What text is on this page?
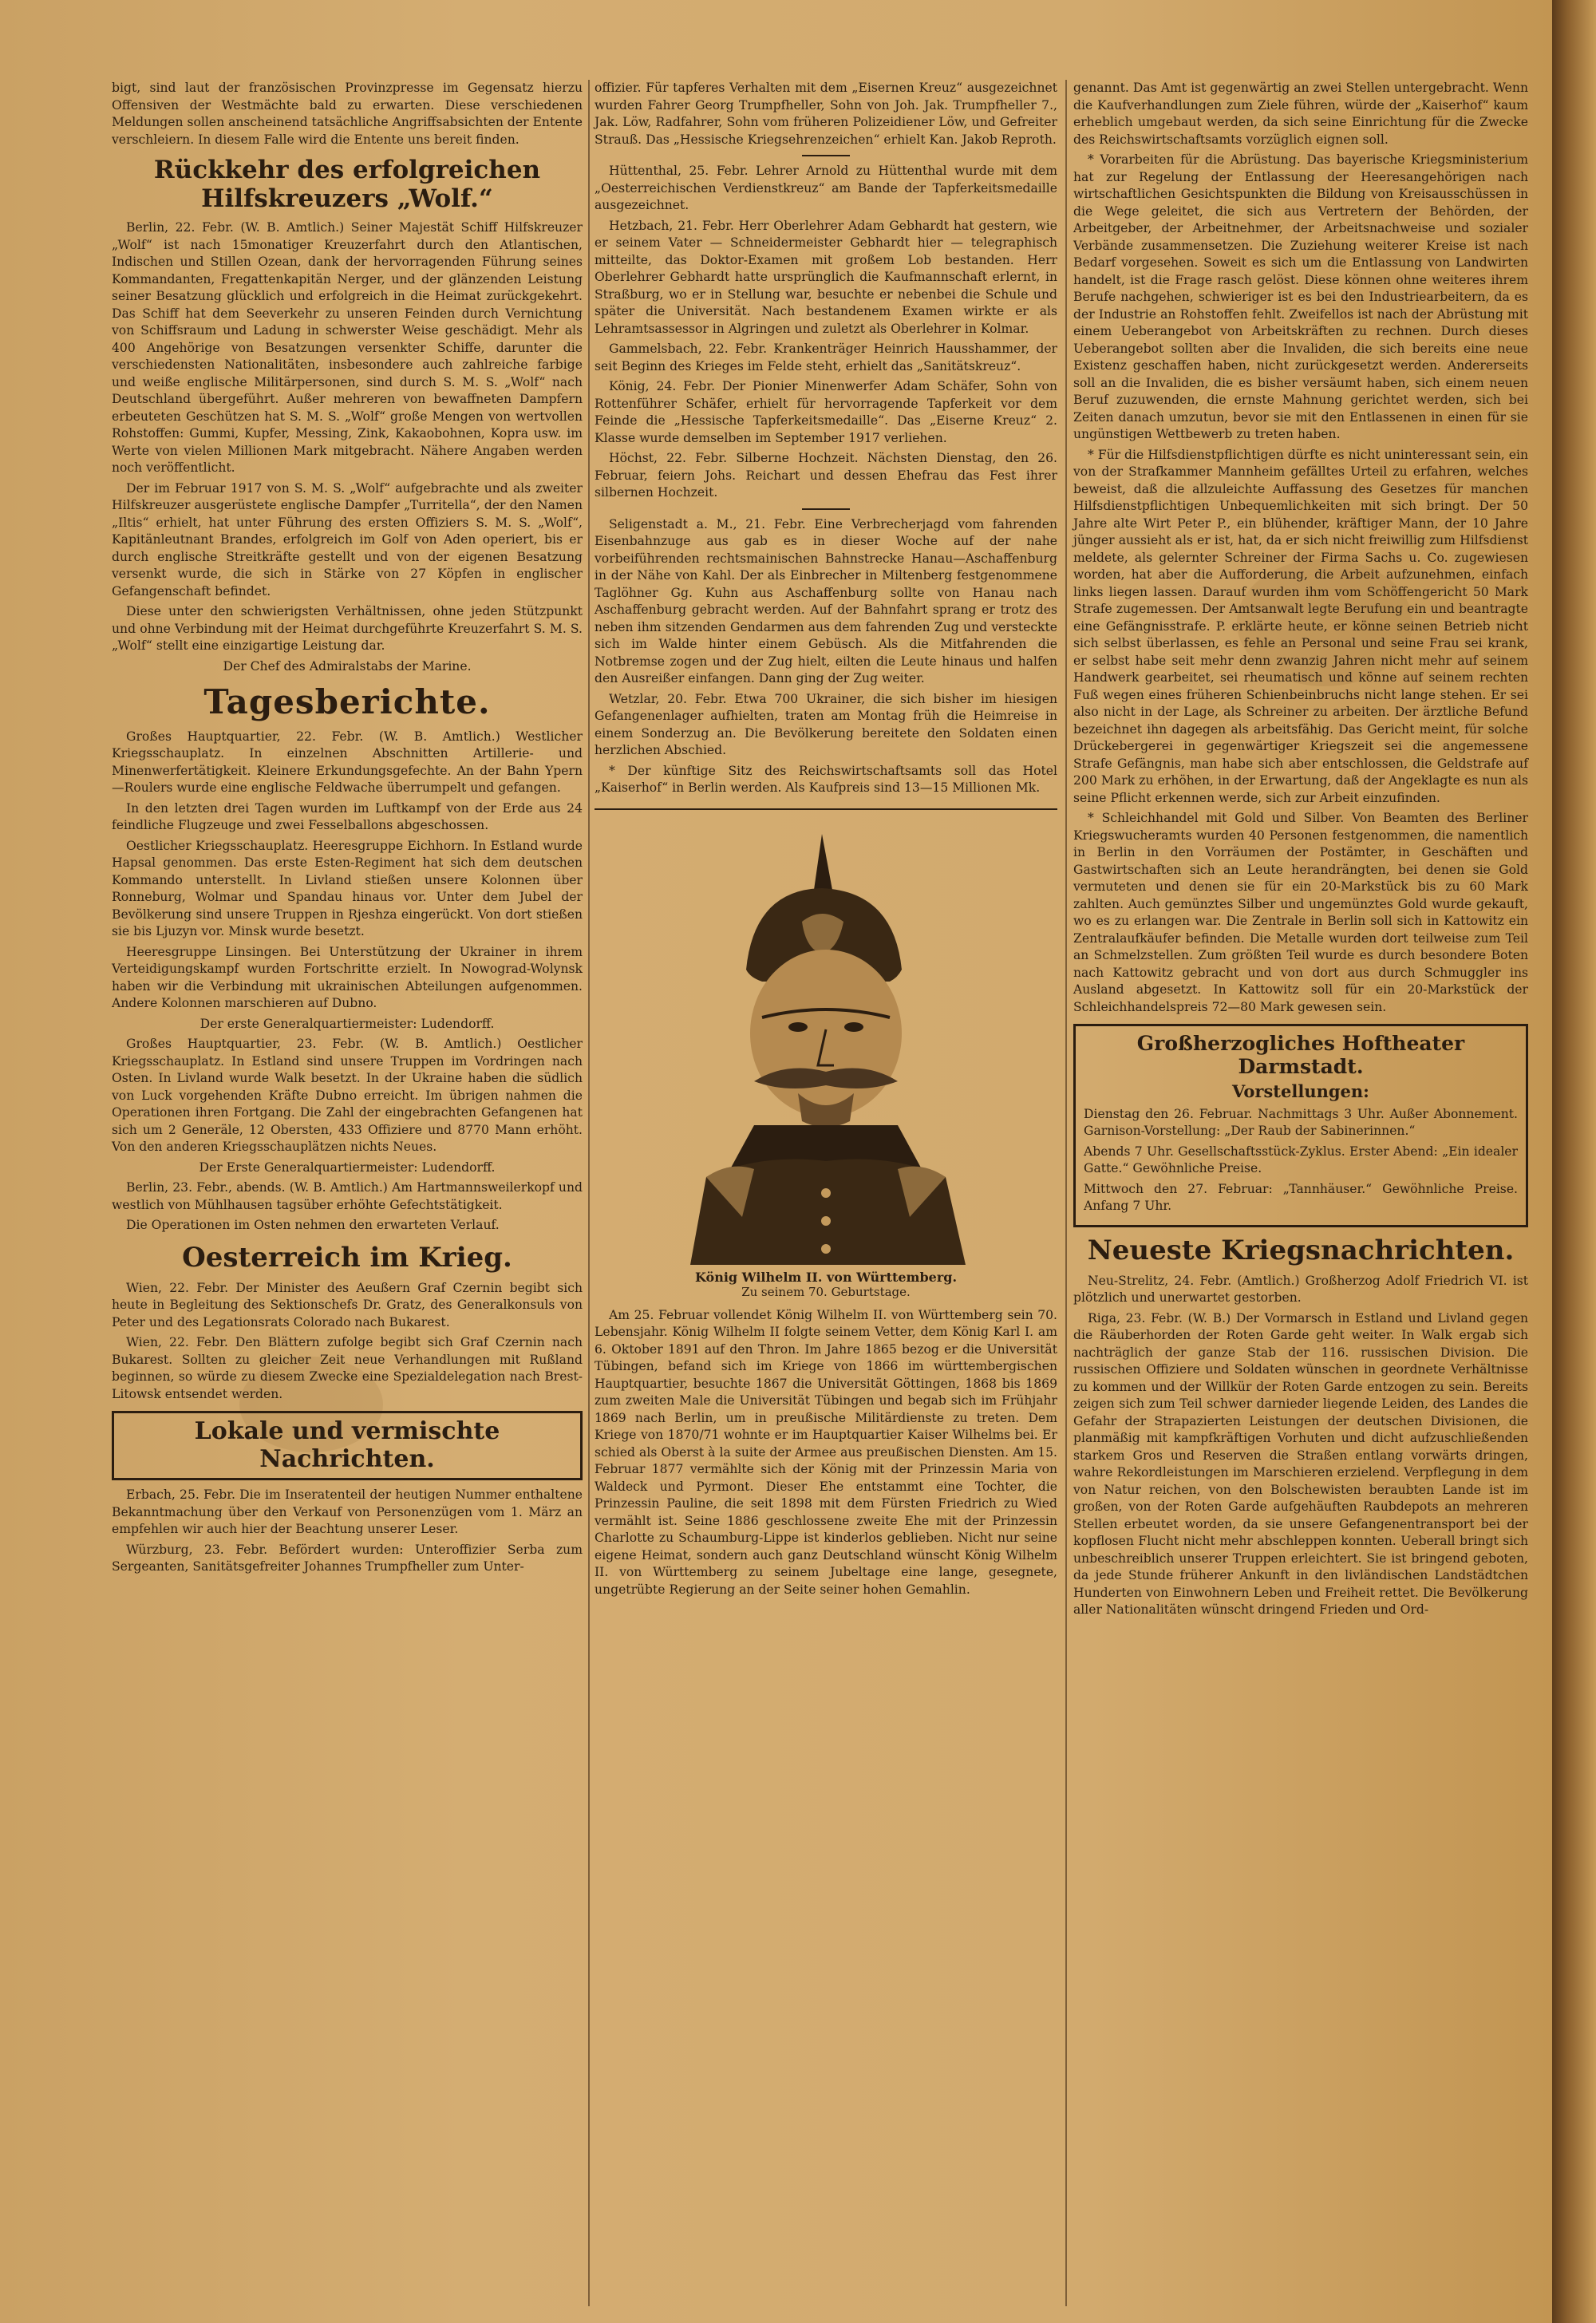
bigt, sind laut der französischen Provinzpresse im Gegensatz hierzu Offensiven der Westmächte bald zu erwarten. Diese verschiedenen Meldungen sollen anscheinend tatsächliche Angriffsabsichten der Entente verschleiern. In diesem Falle wird die Entente uns bereit finden.

Rückkehr des erfolgreichen Hilfskreuzers „Wolf.“

Berlin, 22. Febr. (W. B. Amtlich.) Seiner Majestät Schiff Hilfskreuzer „Wolf“ ist nach 15monatiger Kreuzerfahrt durch den Atlantischen, Indischen und Stillen Ozean, dank der hervorragenden Führung seines Kommandanten, Fregattenkapitän Nerger, und der glänzenden Leistung seiner Besatzung glücklich und erfolgreich in die Heimat zurückgekehrt. Das Schiff hat dem Seeverkehr zu unseren Feinden durch Vernichtung von Schiffsraum und Ladung in schwerster Weise geschädigt. Mehr als 400 Angehörige von Besatzungen versenkter Schiffe, darunter die verschiedensten Nationalitäten, insbesondere auch zahlreiche farbige und weiße englische Militärpersonen, sind durch S. M. S. „Wolf“ nach Deutschland übergeführt. Außer mehreren von bewaffneten Dampfern erbeuteten Geschützen hat S. M. S. „Wolf“ große Mengen von wertvollen Rohstoffen: Gummi, Kupfer, Messing, Zink, Kakaobohnen, Kopra usw. im Werte von vielen Millionen Mark mitgebracht. Nähere Angaben werden noch veröffentlicht.

Der im Februar 1917 von S. M. S. „Wolf“ aufgebrachte und als zweiter Hilfskreuzer ausgerüstete englische Dampfer „Turritella“, der den Namen „Iltis“ erhielt, hat unter Führung des ersten Offiziers S. M. S. „Wolf“, Kapitänleutnant Brandes, erfolgreich im Golf von Aden operiert, bis er durch englische Streitkräfte gestellt und von der eigenen Besatzung versenkt wurde, die sich in Stärke von 27 Köpfen in englischer Gefangenschaft befindet.

Diese unter den schwierigsten Verhältnissen, ohne jeden Stützpunkt und ohne Verbindung mit der Heimat durchgeführte Kreuzerfahrt S. M. S. „Wolf“ stellt eine einzigartige Leistung dar.

Der Chef des Admiralstabs der Marine.

Tagesberichte.

Großes Hauptquartier, 22. Febr. (W. B. Amtlich.) Westlicher Kriegsschauplatz. In einzelnen Abschnitten Artillerie- und Minenwerfertätigkeit. Kleinere Erkundungsgefechte. An der Bahn Ypern—Roulers wurde eine englische Feldwache überrumpelt und gefangen.

In den letzten drei Tagen wurden im Luftkampf von der Erde aus 24 feindliche Flugzeuge und zwei Fesselballons abgeschossen.

Oestlicher Kriegsschauplatz. Heeresgruppe Eichhorn. In Estland wurde Hapsal genommen. Das erste Esten-Regiment hat sich dem deutschen Kommando unterstellt. In Livland stießen unsere Kolonnen über Ronneburg, Wolmar und Spandau hinaus vor. Unter dem Jubel der Bevölkerung sind unsere Truppen in Rjeshza eingerückt. Von dort stießen sie bis Ljuzyn vor. Minsk wurde besetzt.

Heeresgruppe Linsingen. Bei Unterstützung der Ukrainer in ihrem Verteidigungskampf wurden Fortschritte erzielt. In Nowograd-Wolynsk haben wir die Verbindung mit ukrainischen Abteilungen aufgenommen. Andere Kolonnen marschieren auf Dubno.

Der erste Generalquartiermeister: Ludendorff.

Großes Hauptquartier, 23. Febr. (W. B. Amtlich.) Oestlicher Kriegsschauplatz. In Estland sind unsere Truppen im Vordringen nach Osten. In Livland wurde Walk besetzt. In der Ukraine haben die südlich von Luck vorgehenden Kräfte Dubno erreicht. Im übrigen nahmen die Operationen ihren Fortgang. Die Zahl der eingebrachten Gefangenen hat sich um 2 Generäle, 12 Obersten, 433 Offiziere und 8770 Mann erhöht. Von den anderen Kriegsschauplätzen nichts Neues.

Der Erste Generalquartiermeister: Ludendorff.

Berlin, 23. Febr., abends. (W. B. Amtlich.) Am Hartmannsweilerkopf und westlich von Mühlhausen tagsüber erhöhte Gefechtstätigkeit.

Die Operationen im Osten nehmen den erwarteten Verlauf.

Oesterreich im Krieg.

Wien, 22. Febr. Der Minister des Aeußern Graf Czernin begibt sich heute in Begleitung des Sektionschefs Dr. Gratz, des Generalkonsuls von Peter und des Legationsrats Colorado nach Bukarest.

Wien, 22. Febr. Den Blättern zufolge begibt sich Graf Czernin nach Bukarest. Sollten zu gleicher Zeit neue Verhandlungen mit Rußland beginnen, so würde zu diesem Zwecke eine Spezialdelegation nach Brest-Litowsk entsendet werden.

Lokale und vermischte Nachrichten.

Erbach, 25. Febr. Die im Inseratenteil der heutigen Nummer enthaltene Bekanntmachung über den Verkauf von Personenzügen vom 1. März an empfehlen wir auch hier der Beachtung unserer Leser.

Würzburg, 23. Febr. Befördert wurden: Unteroffizier Serba zum Sergeanten, Sanitätsgefreiter Johannes Trumpfheller zum Unter-

offizier. Für tapferes Verhalten mit dem „Eisernen Kreuz“ ausgezeichnet wurden Fahrer Georg Trumpfheller, Sohn von Joh. Jak. Trumpfheller 7., Jak. Löw, Radfahrer, Sohn vom früheren Polizeidiener Löw, und Gefreiter Strauß. Das „Hessische Kriegsehrenzeichen“ erhielt Kan. Jakob Reproth.

Hüttenthal, 25. Febr. Lehrer Arnold zu Hüttenthal wurde mit dem „Oesterreichischen Verdienstkreuz“ am Bande der Tapferkeitsmedaille ausgezeichnet.

Hetzbach, 21. Febr. Herr Oberlehrer Adam Gebhardt hat gestern, wie er seinem Vater — Schneidermeister Gebhardt hier — telegraphisch mitteilte, das Doktor-Examen mit großem Lob bestanden. Herr Oberlehrer Gebhardt hatte ursprünglich die Kaufmannschaft erlernt, in Straßburg, wo er in Stellung war, besuchte er nebenbei die Schule und später die Universität. Nach bestandenem Examen wirkte er als Lehramtsassessor in Algringen und zuletzt als Oberlehrer in Kolmar.

Gammelsbach, 22. Febr. Krankenträger Heinrich Hausshammer, der seit Beginn des Krieges im Felde steht, erhielt das „Sanitätskreuz“.

König, 24. Febr. Der Pionier Minenwerfer Adam Schäfer, Sohn von Rottenführer Schäfer, erhielt für hervorragende Tapferkeit vor dem Feinde die „Hessische Tapferkeitsmedaille“. Das „Eiserne Kreuz“ 2. Klasse wurde demselben im September 1917 verliehen.

Höchst, 22. Febr. Silberne Hochzeit. Nächsten Dienstag, den 26. Februar, feiern Johs. Reichart und dessen Ehefrau das Fest ihrer silbernen Hochzeit.

Seligenstadt a. M., 21. Febr. Eine Verbrecherjagd vom fahrenden Eisenbahnzuge aus gab es in dieser Woche auf der nahe vorbeiführenden rechtsmainischen Bahnstrecke Hanau—Aschaffenburg in der Nähe von Kahl. Der als Einbrecher in Miltenberg festgenommene Taglöhner Gg. Kuhn aus Aschaffenburg sollte von Hanau nach Aschaffenburg gebracht werden. Auf der Bahnfahrt sprang er trotz des neben ihm sitzenden Gendarmen aus dem fahrenden Zug und versteckte sich im Walde hinter einem Gebüsch. Als die Mitfahrenden die Notbremse zogen und der Zug hielt, eilten die Leute hinaus und halfen den Ausreißer einfangen. Dann ging der Zug weiter.

Wetzlar, 20. Febr. Etwa 700 Ukrainer, die sich bisher im hiesigen Gefangenenlager aufhielten, traten am Montag früh die Heimreise in einem Sonderzug an. Die Bevölkerung bereitete den Soldaten einen herzlichen Abschied.

* Der künftige Sitz des Reichswirtschaftsamts soll das Hotel „Kaiserhof“ in Berlin werden. Als Kaufpreis sind 13—15 Millionen Mk.

König Wilhelm II. von Württemberg.
Zu seinem 70. Geburtstage.

Am 25. Februar vollendet König Wilhelm II. von Württemberg sein 70. Lebensjahr. König Wilhelm II folgte seinem Vetter, dem König Karl I. am 6. Oktober 1891 auf den Thron. Im Jahre 1865 bezog er die Universität Tübingen, befand sich im Kriege von 1866 im württembergischen Hauptquartier, besuchte 1867 die Universität Göttingen, 1868 bis 1869 zum zweiten Male die Universität Tübingen und begab sich im Frühjahr 1869 nach Berlin, um in preußische Militärdienste zu treten. Dem Kriege von 1870/71 wohnte er im Hauptquartier Kaiser Wilhelms bei. Er schied als Oberst à la suite der Armee aus preußischen Diensten. Am 15. Februar 1877 vermählte sich der König mit der Prinzessin Maria von Waldeck und Pyrmont. Dieser Ehe entstammt eine Tochter, die Prinzessin Pauline, die seit 1898 mit dem Fürsten Friedrich zu Wied vermählt ist. Seine 1886 geschlossene zweite Ehe mit der Prinzessin Charlotte zu Schaumburg-Lippe ist kinderlos geblieben. Nicht nur seine eigene Heimat, sondern auch ganz Deutschland wünscht König Wilhelm II. von Württemberg zu seinem Jubeltage eine lange, gesegnete, ungetrübte Regierung an der Seite seiner hohen Gemahlin.

genannt. Das Amt ist gegenwärtig an zwei Stellen untergebracht. Wenn die Kaufverhandlungen zum Ziele führen, würde der „Kaiserhof“ kaum erheblich umgebaut werden, da sich seine Einrichtung für die Zwecke des Reichswirtschaftsamts vorzüglich eignen soll.

* Vorarbeiten für die Abrüstung. Das bayerische Kriegsministerium hat zur Regelung der Entlassung der Heeresangehörigen nach wirtschaftlichen Gesichtspunkten die Bildung von Kreisausschüssen in die Wege geleitet, die sich aus Vertretern der Behörden, der Arbeitgeber, der Arbeitnehmer, der Arbeitsnachweise und sozialer Verbände zusammensetzen. Die Zuziehung weiterer Kreise ist nach Bedarf vorgesehen. Soweit es sich um die Entlassung von Landwirten handelt, ist die Frage rasch gelöst. Diese können ohne weiteres ihrem Berufe nachgehen, schwieriger ist es bei den Industriearbeitern, da es der Industrie an Rohstoffen fehlt. Zweifellos ist nach der Abrüstung mit einem Ueberangebot von Arbeitskräften zu rechnen. Durch dieses Ueberangebot sollten aber die Invaliden, die sich bereits eine neue Existenz geschaffen haben, nicht zurückgesetzt werden. Andererseits soll an die Invaliden, die es bisher versäumt haben, sich einem neuen Beruf zuzuwenden, die ernste Mahnung gerichtet werden, sich bei Zeiten danach umzutun, bevor sie mit den Entlassenen in einen für sie ungünstigen Wettbewerb zu treten haben.

* Für die Hilfsdienstpflichtigen dürfte es nicht uninteressant sein, ein von der Strafkammer Mannheim gefälltes Urteil zu erfahren, welches beweist, daß die allzuleichte Auffassung des Gesetzes für manchen Hilfsdienstpflichtigen Unbequemlichkeiten mit sich bringt. Der 50 Jahre alte Wirt Peter P., ein blühender, kräftiger Mann, der 10 Jahre jünger aussieht als er ist, hat, da er sich nicht freiwillig zum Hilfsdienst meldete, als gelernter Schreiner der Firma Sachs u. Co. zugewiesen worden, hat aber die Aufforderung, die Arbeit aufzunehmen, einfach links liegen lassen. Darauf wurden ihm vom Schöffengericht 50 Mark Strafe zugemessen. Der Amtsanwalt legte Berufung ein und beantragte eine Gefängnisstrafe. P. erklärte heute, er könne seinen Betrieb nicht sich selbst überlassen, es fehle an Personal und seine Frau sei krank, er selbst habe seit mehr denn zwanzig Jahren nicht mehr auf seinem Handwerk gearbeitet, sei rheumatisch und könne auf seinem rechten Fuß wegen eines früheren Schienbeinbruchs nicht lange stehen. Er sei also nicht in der Lage, als Schreiner zu arbeiten. Der ärztliche Befund bezeichnet ihn dagegen als arbeitsfähig. Das Gericht meint, für solche Drückebergerei in gegenwärtiger Kriegszeit sei die angemessene Strafe Gefängnis, man habe sich aber entschlossen, die Geldstrafe auf 200 Mark zu erhöhen, in der Erwartung, daß der Angeklagte es nun als seine Pflicht erkennen werde, sich zur Arbeit einzufinden.

* Schleichhandel mit Gold und Silber. Von Beamten des Berliner Kriegswucheramts wurden 40 Personen festgenommen, die namentlich in Berlin in den Vorräumen der Postämter, in Geschäften und Gastwirtschaften sich an Leute herandrängten, bei denen sie Gold vermuteten und denen sie für ein 20-Markstück bis zu 60 Mark zahlten. Auch gemünztes Silber und ungemünztes Gold wurde gekauft, wo es zu erlangen war. Die Zentrale in Berlin soll sich in Kattowitz ein Zentralaufkäufer befinden. Die Metalle wurden dort teilweise zum Teil an Schmelzstellen. Zum größten Teil wurde es durch besondere Boten nach Kattowitz gebracht und von dort aus durch Schmuggler ins Ausland abgesetzt. In Kattowitz soll für ein 20-Markstück der Schleichhandelspreis 72—80 Mark gewesen sein.

Großherzogliches Hoftheater Darmstadt.
Vorstellungen:

Dienstag den 26. Februar. Nachmittags 3 Uhr. Außer Abonnement. Garnison-Vorstellung: „Der Raub der Sabinerinnen.“

Abends 7 Uhr. Gesellschaftsstück-Zyklus. Erster Abend: „Ein idealer Gatte.“ Gewöhnliche Preise.

Mittwoch den 27. Februar: „Tannhäuser.“ Gewöhnliche Preise. Anfang 7 Uhr.

Neueste Kriegsnachrichten.

Neu-Strelitz, 24. Febr. (Amtlich.) Großherzog Adolf Friedrich VI. ist plötzlich und unerwartet gestorben.

Riga, 23. Febr. (W. B.) Der Vormarsch in Estland und Livland gegen die Räuberhorden der Roten Garde geht weiter. In Walk ergab sich nachträglich der ganze Stab der 116. russischen Division. Die russischen Offiziere und Soldaten wünschen in geordnete Verhältnisse zu kommen und der Willkür der Roten Garde entzogen zu sein. Bereits zeigen sich zum Teil schwer darnieder liegende Leiden, des Landes die Gefahr der Strapazierten Leistungen der deutschen Divisionen, die planmäßig mit kampfkräftigen Vorhuten und dicht aufzuschließenden starkem Gros und Reserven die Straßen entlang vorwärts dringen, wahre Rekordleistungen im Marschieren erzielend. Verpflegung in dem von Natur reichen, von den Bolschewisten beraubten Lande ist im großen, von der Roten Garde aufgehäuften Raubdepots an mehreren Stellen erbeutet worden, da sie unsere Gefangenentransport bei der kopflosen Flucht nicht mehr abschleppen konnten. Ueberall bringt sich unbeschreiblich unserer Truppen erleichtert. Sie ist bringend geboten, da jede Stunde früherer Ankunft in den livländischen Landstädtchen Hunderten von Einwohnern Leben und Freiheit rettet. Die Bevölkerung aller Nationalitäten wünscht dringend Frieden und Ord-
